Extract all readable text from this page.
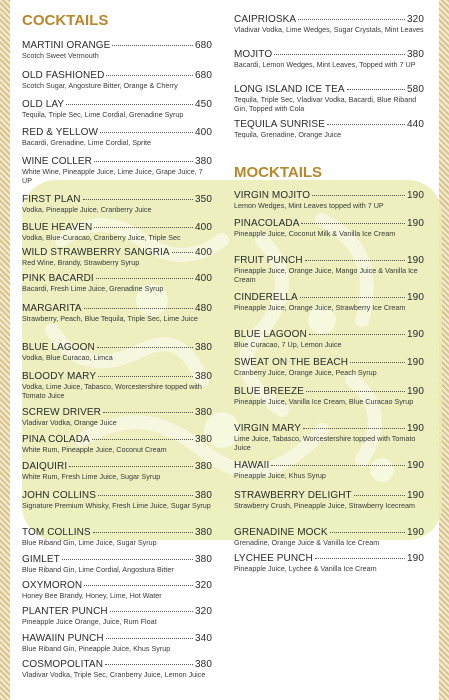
COCKTAILS
MARTINI ORANGE	680
Scotch Sweet Vermouth
OLD FASHIONED	680
Scotch Sugar, Angosture Bitter, Orange & Cherry
OLD LAY	450
Tequila, Triple Sec, Lime Cordial, Grenadine Syrup
RED & YELLOW	400
Bacardi, Grenadine, Lime Cordial, Sprite
WINE COLLER	380
White Wine, Pineapple Juice, Lime Juice, Grape Juice, 7 UP
FIRST PLAN	350
Vodka, Pineapple Juice, Cranberry Juice
BLUE HEAVEN	400
Vodka, Blue-Curacao, Cranberry Juice, Triple Sec
WILD STRAWBERRY SANGRIA	400
Red Wine, Brandy, Strawberry Syrup
PINK BACARDI	400
Bacardi, Fresh Lime Juice, Grenadine Syrup
MARGARITA	480
Strawberry, Peach, Blue Tequila, Triple Sec, Lime Juice
BLUE LAGOON	380
Vodka, Blue Curacao, Limca
BLOODY MARY	380
Vodka, Lime Juice, Tabasco, Worcestershire topped with Tomato Juice
SCREW DRIVER	380
Vladivar Vodka, Orange Juice
PINA COLADA	380
White Rum, Pineapple Juice, Coconut Cream
DAIQUIRI	380
White Rum, Fresh Lime Juice, Sugar Syrup
JOHN COLLINS	380
Signature Premium Whisky, Fresh Lime Juice, Sugar Syrup
TOM COLLINS	380
Blue Riband Gin, Lime Juice, Sugar Syrup
GIMLET	380
Blue Riband Gin, Lime Cordial, Angostura Bitter
OXYMORON	320
Honey Bee Brandy, Honey, Lime, Hot Water
PLANTER PUNCH	320
Pineapple Juice Orange, Juice, Rum Float
HAWAIIN PUNCH	340
Blue Riband Gin, Pineapple Juice, Khus Syrup
COSMOPOLITAN	380
Vladivar Vodka, Triple Sec, Cranberry Juice, Lemon Juice
MOCKTAILS
CAIPRIOSKA	320
Vladivar Vodka, Lime Wedges, Sugar Crystals, Mint Leaves
MOJITO	380
Bacardi, Lemon Wedges, Mint Leaves, Topped with 7 UP
LONG ISLAND ICE TEA	580
Tequila, Triple Sec, Vladivar Vodka, Bacardi, Blue Riband Gin, Topped with Cola
TEQUILA SUNRISE	440
Tequila, Grenadine, Orange Juice
VIRGIN MOJITO	190
Lemon Wedges, Mint Leaves topped with 7 UP
PINACOLADA	190
Pineapple Juice, Coconut Milk & Vanilla Ice Cream
FRUIT PUNCH	190
Pineapple Juice, Orange Juice, Mango Juice & Vanilla Ice Cream
CINDERELLA	190
Pineapple Juice, Orange Juice, Strawberry Ice Cream
BLUE LAGOON	190
Blue Curacao, 7 Up, Lemon Juice
SWEAT ON THE BEACH	190
Cranberry Juice, Orange Juice, Peach Syrup
BLUE BREEZE	190
Pineapple Juice, Vanilla Ice Cream, Blue Curacao Syrup
VIRGIN MARY	190
Lime Juice, Tabasco, Worcestershire topped with Tomato Juice
HAWAII	190
Pineapple Juice, Khus Syrup
STRAWBERRY DELIGHT	190
Strawberry Crush, Pineapple Juice, Strawberry Icecream
GRENADINE MOCK	190
Grenadine, Orange Juice & Vanilla Ice Cream
LYCHEE PUNCH	190
Pineapple Juice, Lychee & Vanilla Ice Cream
